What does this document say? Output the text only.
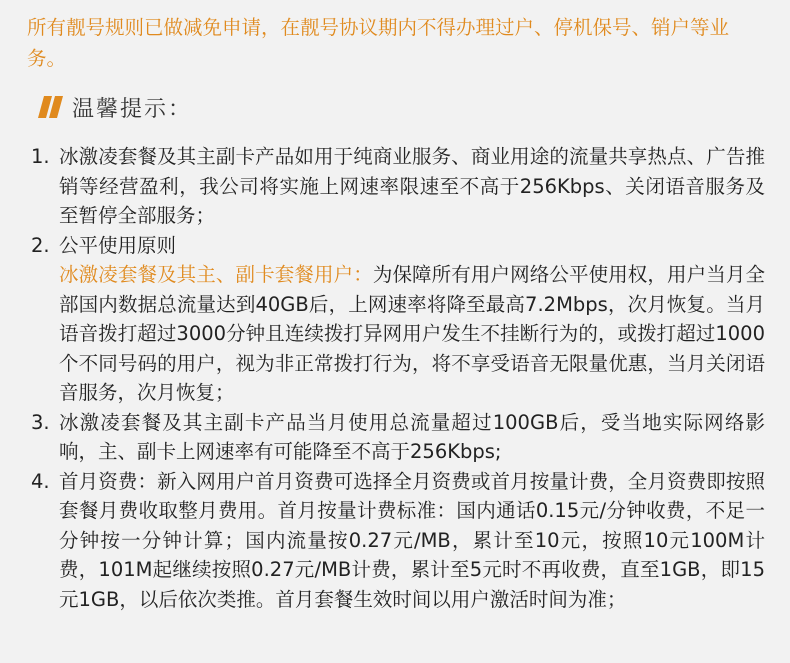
所有靓号规则已做减免申请，在靓号协议期内不得办理过户、停机保号、销户等业务。

温馨提示：
1. 冰激凌套餐及其主副卡产品如用于纯商业服务、商业用途的流量共享热点、广告推销等经营盈利，我公司将实施上网速率限速至不高于256Kbps、关闭语音服务及至暂停全部服务；
2. 公平使用原则
冰激凌套餐及其主、副卡套餐用户：为保障所有用户网络公平使用权，用户当月全部国内数据总流量达到40GB后，上网速率将降至最高7.2Mbps，次月恢复。当月语音拨打超过3000分钟且连续拨打异网用户发生不挂断行为的，或拨打超过1000个不同号码的用户，视为非正常拨打行为，将不享受语音无限量优惠，当月关闭语音服务，次月恢复；
3. 冰激凌套餐及其主副卡产品当月使用总流量超过100GB后，受当地实际网络影响，主、副卡上网速率有可能降至不高于256Kbps;
4. 首月资费：新入网用户首月资费可选择全月资费或首月按量计费，全月资费即按照套餐月费收取整月费用。首月按量计费标准：国内通话0.15元/分钟收费，不足一分钟按一分钟计算；国内流量按0.27元/MB，累计至10元，按照10元100M计费，101M起继续按照0.27元/MB计费，累计至5元时不再收费，直至1GB，即15元1GB，以后依次类推。首月套餐生效时间以用户激活时间为准；
